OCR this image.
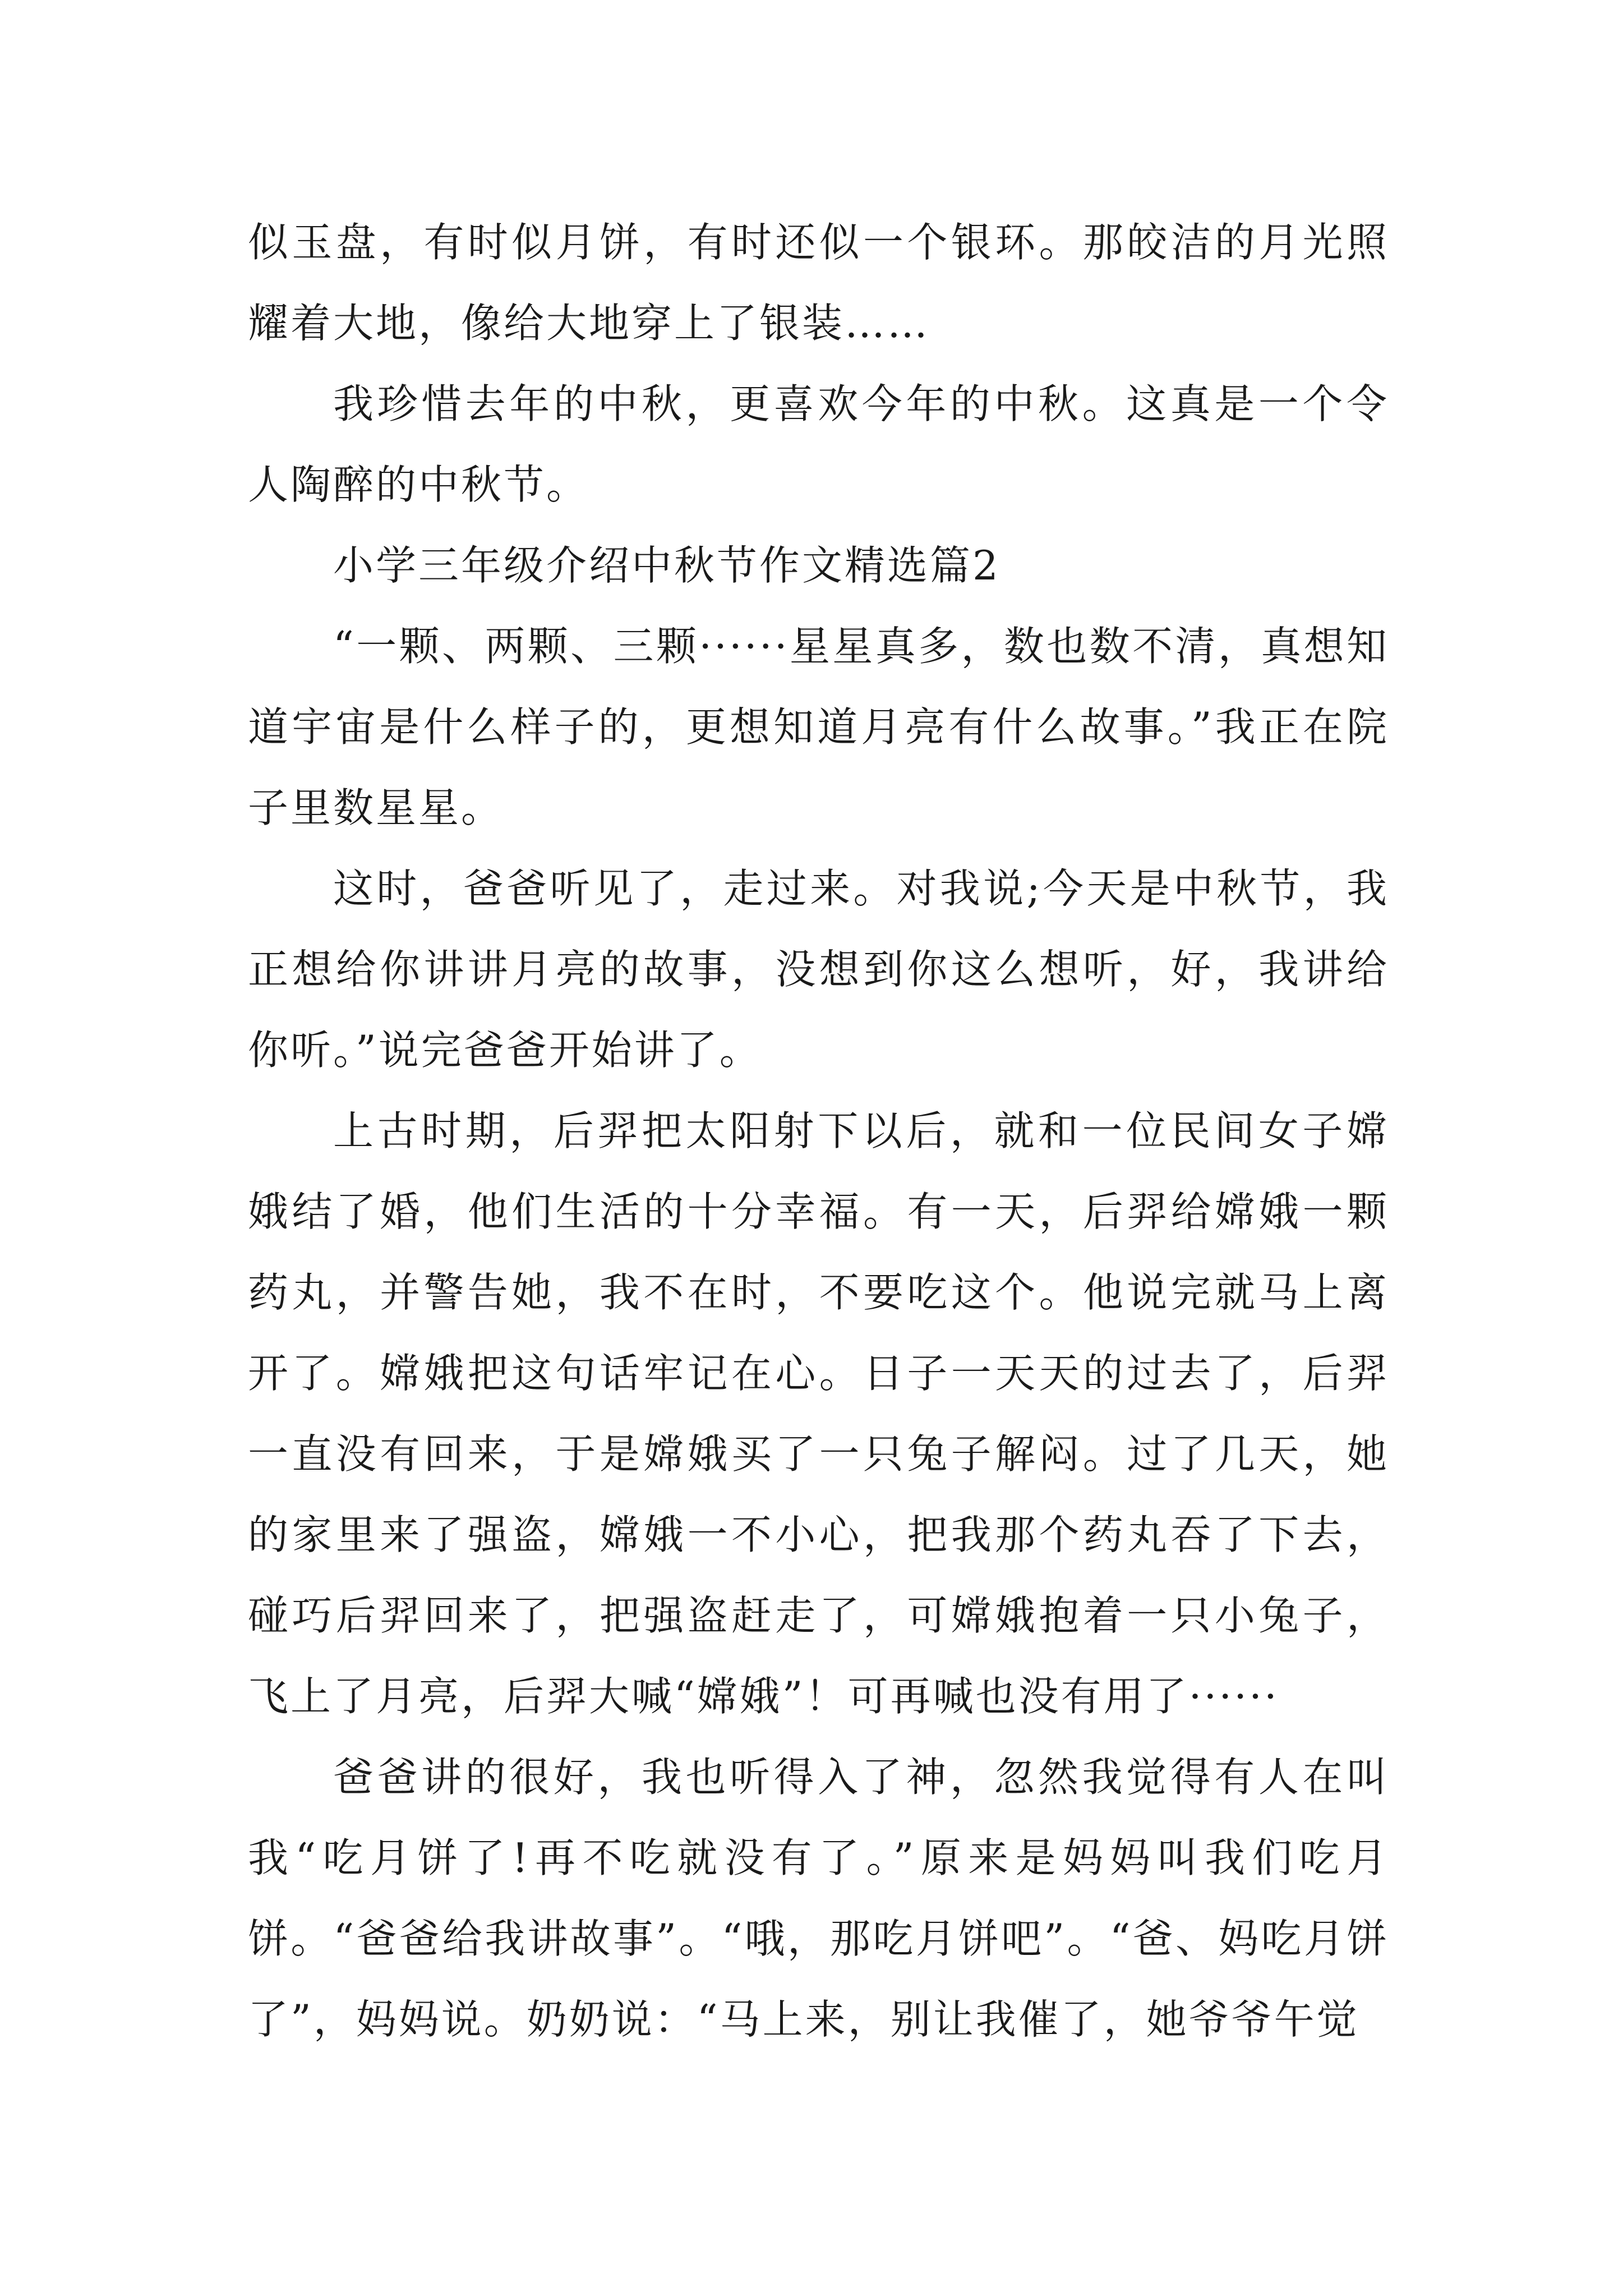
似玉盘，有时似月饼，有时还似一个银环。那皎洁的月光照耀着大地，像给大地穿上了银装……

我珍惜去年的中秋，更喜欢今年的中秋。这真是一个令人陶醉的中秋节。

小学三年级介绍中秋节作文精选篇2

“一颗、两颗、三颗······星星真多，数也数不清，真想知道宇宙是什么样子的，更想知道月亮有什么故事。”我正在院子里数星星。

这时，爸爸听见了，走过来。对我说;今天是中秋节，我正想给你讲讲月亮的故事，没想到你这么想听，好，我讲给你听。”说完爸爸开始讲了。

上古时期，后羿把太阳射下以后，就和一位民间女子嫦娥结了婚，他们生活的十分幸福。有一天，后羿给嫦娥一颗药丸，并警告她，我不在时，不要吃这个。他说完就马上离开了。嫦娥把这句话牢记在心。日子一天天的过去了，后羿一直没有回来，于是嫦娥买了一只兔子解闷。过了几天，她的家里来了强盗，嫦娥一不小心，把我那个药丸吞了下去，碰巧后羿回来了，把强盗赶走了，可嫦娥抱着一只小兔子，飞上了月亮，后羿大喊“嫦娥”！可再喊也没有用了······

爸爸讲的很好，我也听得入了神，忽然我觉得有人在叫我“吃月饼了!再不吃就没有了。”原来是妈妈叫我们吃月饼。“爸爸给我讲故事”。“哦，那吃月饼吧”。“爸、妈吃月饼了”，妈妈说。奶奶说：“马上来，别让我催了，她爷爷午觉
